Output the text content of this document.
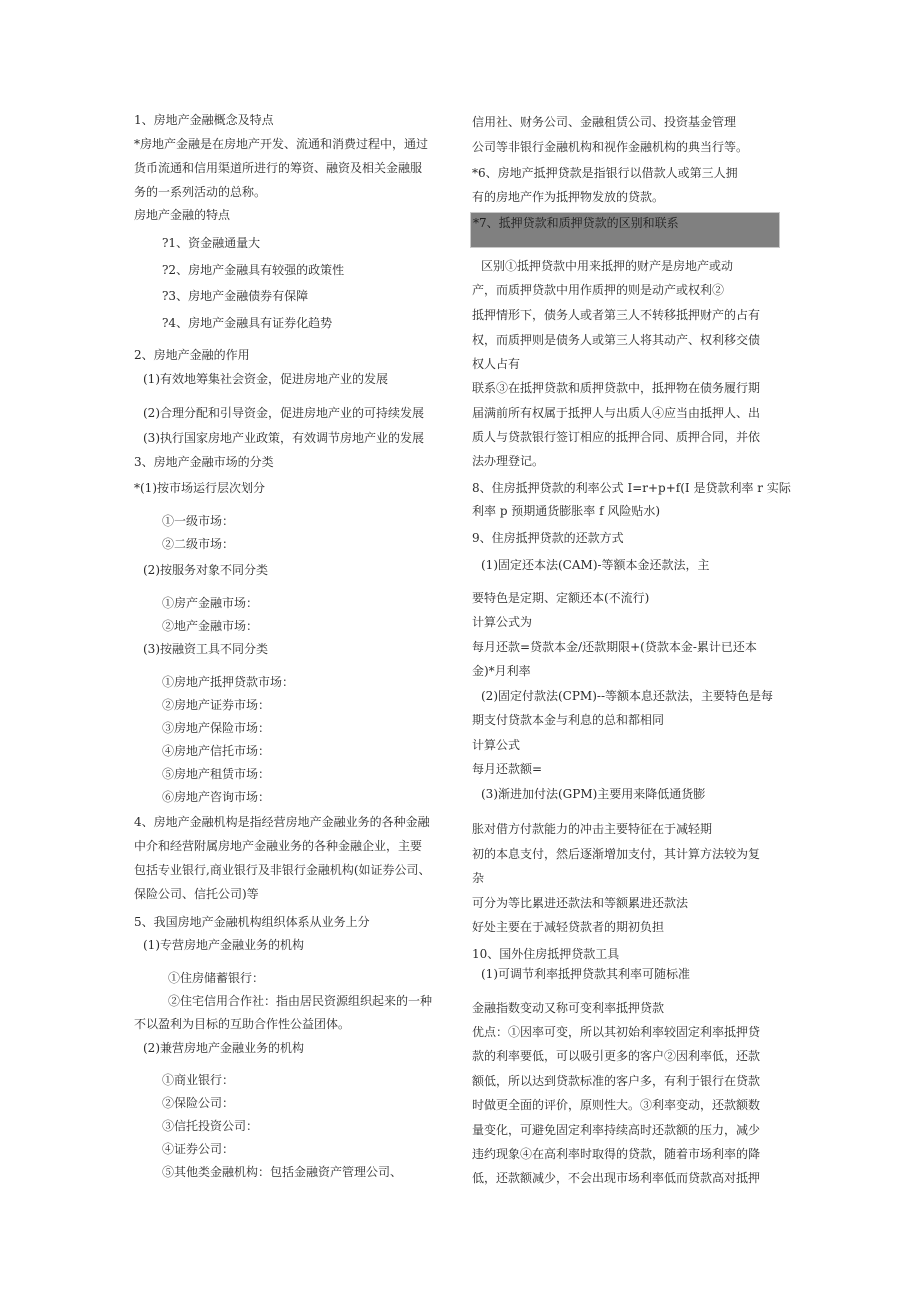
1、房地产金融概念及特点
*房地产金融是在房地产开发、流通和消费过程中，通过
货币流通和信用渠道所进行的筹资、融资及相关金融服
务的一系列活动的总称。
房地产金融的特点
?1、资金融通量大
?2、房地产金融具有较强的政策性
?3、房地产金融债券有保障
?4、房地产金融具有证券化趋势
2、房地产金融的作用
(1)有效地筹集社会资金，促进房地产业的发展
(2)合理分配和引导资金，促进房地产业的可持续发展
(3)执行国家房地产业政策，有效调节房地产业的发展
3、房地产金融市场的分类
*(1)按市场运行层次划分
①一级市场：
②二级市场：
(2)按服务对象不同分类
①房产金融市场：
②地产金融市场：
(3)按融资工具不同分类
①房地产抵押贷款市场：
②房地产证券市场：
③房地产保险市场：
④房地产信托市场：
⑤房地产租赁市场：
⑥房地产咨询市场：
4、房地产金融机构是指经营房地产金融业务的各种金融
中介和经营附属房地产金融业务的各种金融企业，主要
包括专业银行,商业银行及非银行金融机构(如证券公司、
保险公司、信托公司)等
5、我国房地产金融机构组织体系从业务上分
(1)专营房地产金融业务的机构
①住房储蓄银行：
②住宅信用合作社：指由居民资源组织起来的一种
不以盈利为目标的互助合作性公益团体。
(2)兼营房地产金融业务的机构
①商业银行：
②保险公司：
③信托投资公司：
④证券公司：
⑤其他类金融机构：包括金融资产管理公司、
信用社、财务公司、金融租赁公司、投资基金管理
公司等非银行金融机构和视作金融机构的典当行等。
*6、房地产抵押贷款是指银行以借款人或第三人拥
有的房地产作为抵押物发放的贷款。
区别①抵押贷款中用来抵押的财产是房地产或动
产，而质押贷款中用作质押的则是动产或权利②
抵押情形下，债务人或者第三人不转移抵押财产的占有
权，而质押则是债务人或第三人将其动产、权利移交债
权人占有
联系③在抵押贷款和质押贷款中，抵押物在债务履行期
届满前所有权属于抵押人与出质人④应当由抵押人、出
质人与贷款银行签订相应的抵押合同、质押合同，并依
法办理登记。
8、住房抵押贷款的利率公式 I=r+p+f(I 是贷款利率 r 实际
利率 p 预期通货膨胀率 f 风险贴水)
9、住房抵押贷款的还款方式
(1)固定还本法(CAM)-等额本金还款法，主
要特色是定期、定额还本(不流行)
计算公式为
每月还款=贷款本金/还款期限+(贷款本金-累计已还本
金)*月利率
(2)固定付款法(CPM)--等额本息还款法，主要特色是每
期支付贷款本金与利息的总和都相同
计算公式
每月还款额=
(3)渐进加付法(GPM)主要用来降低通货膨
胀对借方付款能力的冲击主要特征在于减轻期
初的本息支付，然后逐渐增加支付，其计算方法较为复
杂
可分为等比累进还款法和等额累进还款法
好处主要在于减轻贷款者的期初负担
10、国外住房抵押贷款工具
(1)可调节利率抵押贷款其利率可随标准
金融指数变动又称可变利率抵押贷款
优点：①因率可变，所以其初始利率较固定利率抵押贷
款的利率要低，可以吸引更多的客户②因利率低，还款
额低，所以达到贷款标准的客户多，有利于银行在贷款
时做更全面的评价，原则性大。③利率变动，还款额数
量变化，可避免固定利率持续高时还款额的压力，减少
违约现象④在高利率时取得的贷款，随着市场利率的降
低，还款额减少，不会出现市场利率低而贷款高对抵押
*7、抵押贷款和质押贷款的区别和联系
